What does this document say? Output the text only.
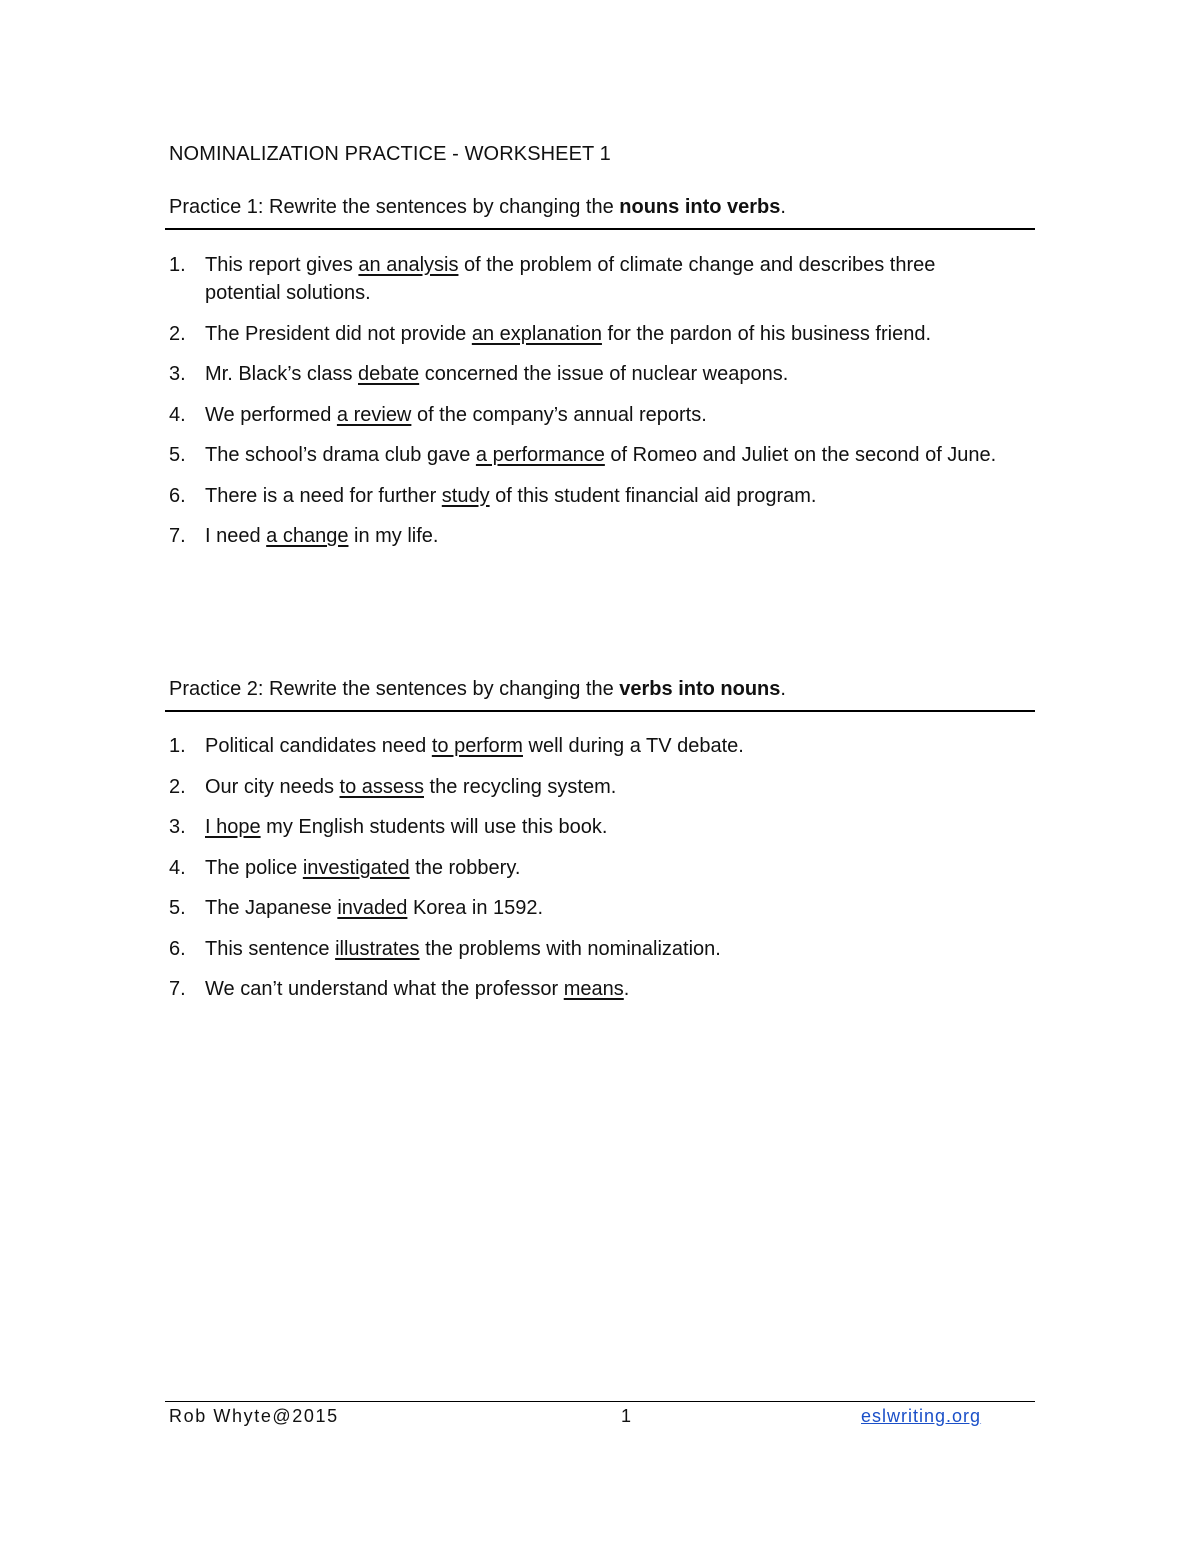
NOMINALIZATION PRACTICE - WORKSHEET 1
Practice 1: Rewrite the sentences by changing the nouns into verbs.
1. This report gives an analysis of the problem of climate change and describes three potential solutions.
2. The President did not provide an explanation for the pardon of his business friend.
3. Mr. Black’s class debate concerned the issue of nuclear weapons.
4. We performed a review of the company’s annual reports.
5. The school’s drama club gave a performance of Romeo and Juliet on the second of June.
6. There is a need for further study of this student financial aid program.
7. I need a change in my life.
Practice 2: Rewrite the sentences by changing the verbs into nouns.
1. Political candidates need to perform well during a TV debate.
2. Our city needs to assess the recycling system.
3. I hope my English students will use this book.
4. The police investigated the robbery.
5. The Japanese invaded Korea in 1592.
6. This sentence illustrates the problems with nominalization.
7. We can’t understand what the professor means.
Rob Whyte@2015	1	eslwriting.org
